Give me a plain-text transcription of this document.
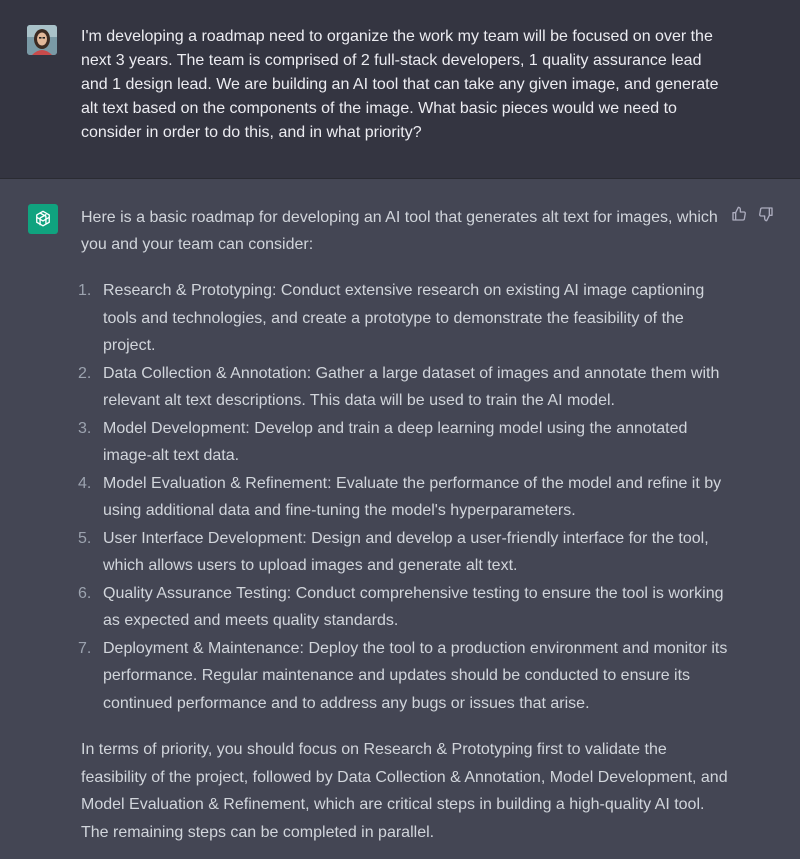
I'm developing a roadmap need to organize the work my team will be focused on over the next 3 years. The team is comprised of 2 full-stack developers, 1 quality assurance lead and 1 design lead. We are building an AI tool that can take any given image, and generate alt text based on the components of the image. What basic pieces would we need to consider in order to do this, and in what priority?

Here is a basic roadmap for developing an AI tool that generates alt text for images, which you and your team can consider:

1. Research & Prototyping: Conduct extensive research on existing AI image captioning tools and technologies, and create a prototype to demonstrate the feasibility of the project.
2. Data Collection & Annotation: Gather a large dataset of images and annotate them with relevant alt text descriptions. This data will be used to train the AI model.
3. Model Development: Develop and train a deep learning model using the annotated image-alt text data.
4. Model Evaluation & Refinement: Evaluate the performance of the model and refine it by using additional data and fine-tuning the model's hyperparameters.
5. User Interface Development: Design and develop a user-friendly interface for the tool, which allows users to upload images and generate alt text.
6. Quality Assurance Testing: Conduct comprehensive testing to ensure the tool is working as expected and meets quality standards.
7. Deployment & Maintenance: Deploy the tool to a production environment and monitor its performance. Regular maintenance and updates should be conducted to ensure its continued performance and to address any bugs or issues that arise.

In terms of priority, you should focus on Research & Prototyping first to validate the feasibility of the project, followed by Data Collection & Annotation, Model Development, and Model Evaluation & Refinement, which are critical steps in building a high-quality AI tool. The remaining steps can be completed in parallel.
